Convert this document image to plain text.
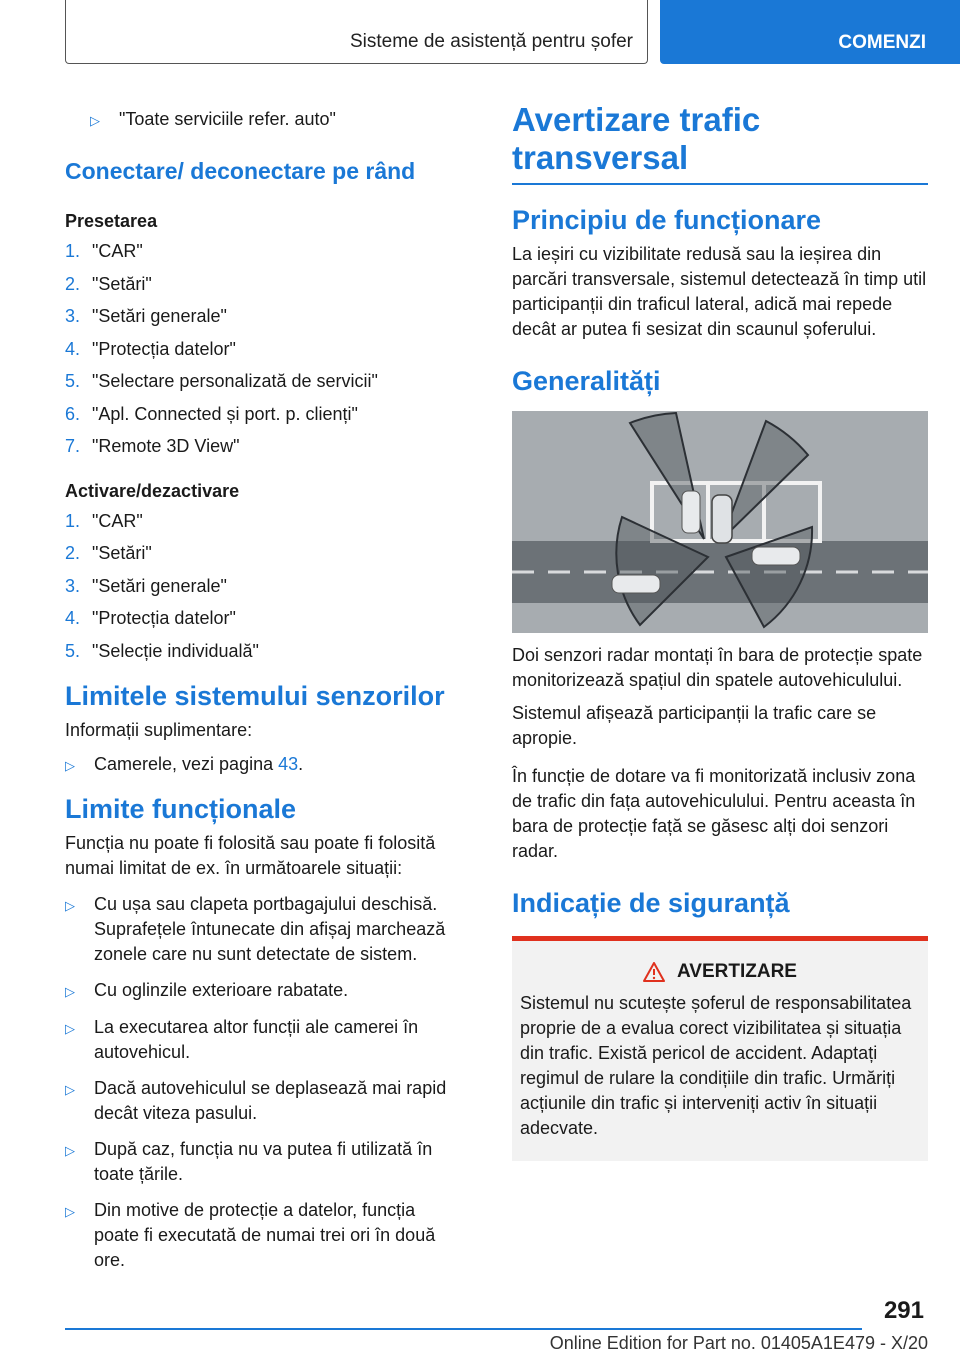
Sisteme de asistență pentru șofer	COMENZI
▷	"Toate serviciile refer. auto"
Conectare/ deconectare pe rând

Presetarea

1. "CAR"
2. "Setări"
3. "Setări generale"
4. "Protecția datelor"
5. "Selectare personalizată de servicii"
6. "Apl. Connected și port. p. clienți"
7. "Remote 3D View"

Activare/dezactivare

1. "CAR"
2. "Setări"
3. "Setări generale"
4. "Protecția datelor"
5. "Selecție individuală"
Limitele sistemului senzorilor

Informații suplimentare:

▷	Camerele, vezi pagina 43.
Limite funcționale

Funcția nu poate fi folosită sau poate fi folosită numai limitat de ex. în următoarele situații:

▷	Cu ușa sau clapeta portbagajului deschisă. Suprafețele întunecate din afișaj marchează zonele care nu sunt detectate de sistem.
▷	Cu oglinzile exterioare rabatate.
▷	La executarea altor funcții ale camerei în autovehicul.
▷	Dacă autovehiculul se deplasează mai rapid decât viteza pasului.
▷	După caz, funcția nu va putea fi utilizată în toate țările.
▷	Din motive de protecție a datelor, funcția poate fi executată de numai trei ori în două ore.
Avertizare trafic transversal
Principiu de funcționare

La ieșiri cu vizibilitate redusă sau la ieșirea din parcări transversale, sistemul detectează în timp util participanții din traficul lateral, adică mai repede decât ar putea fi sesizat din scaunul șoferului.

Generalități

Doi senzori radar montați în bara de protecție spate monitorizează spațiul din spatele autovehiculului.

Sistemul afișează participanții la trafic care se apropie.

În funcție de dotare va fi monitorizată inclusiv zona de trafic din fața autovehiculului. Pentru aceasta în bara de protecție față se găsesc alți doi senzori radar.

Indicație de siguranță
AVERTIZARE

Sistemul nu scutește șoferul de responsabilitatea proprie de a evalua corect vizibilitatea și situația din trafic. Există pericol de accident. Adaptați regimul de rulare la condițiile din trafic. Urmăriți acțiunile din trafic și interveniți activ în situații adecvate.

291
Online Edition for Part no. 01405A1E479 - X/20
